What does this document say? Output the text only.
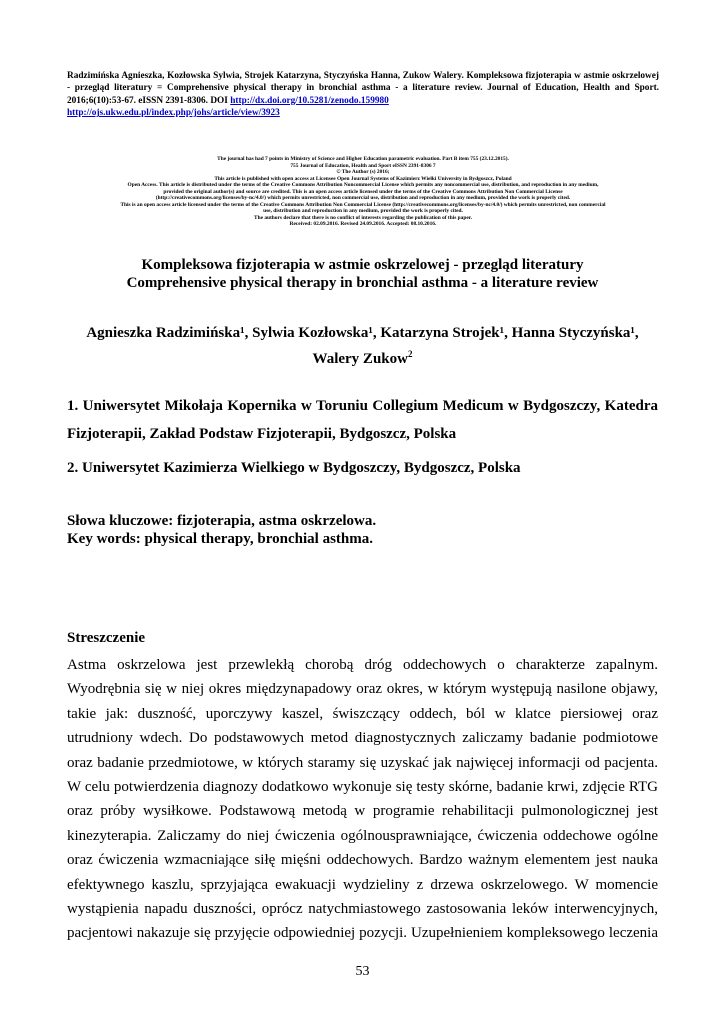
Radzimińska Agnieszka, Kozłowska Sylwia, Strojek Katarzyna, Styczyńska Hanna, Zukow Walery. Kompleksowa fizjoterapia w astmie oskrzelowej - przegląd literatury = Comprehensive physical therapy in bronchial asthma - a literature review. Journal of Education, Health and Sport. 2016;6(10):53-67. eISSN 2391-8306. DOI http://dx.doi.org/10.5281/zenodo.159980
http://ojs.ukw.edu.pl/index.php/johs/article/view/3923
The journal has had 7 points in Ministry of Science and Higher Education parametric evaluation. Part B item 755 (23.12.2015).
755 Journal of Education, Health and Sport eISSN 2391-8306 7
© The Author (s) 2016;
This article is published with open access at Licensee Open Journal Systems of Kazimierz Wielki University in Bydgoszcz, Poland
Open Access. This article is distributed under the terms of the Creative Commons Attribution Noncommercial License which permits any noncommercial use, distribution, and reproduction in any medium,
provided the original author(s) and source are credited. This is an open access article licensed under the terms of the Creative Commons Attribution Non Commercial License
(http://creativecommons.org/licenses/by-nc/4.0/) which permits unrestricted, non commercial use, distribution and reproduction in any medium, provided the work is properly cited.
This is an open access article licensed under the terms of the Creative Commons Attribution Non Commercial License (http://creativecommons.org/licenses/by-nc/4.0/) which permits unrestricted, non commercial
use, distribution and reproduction in any medium, provided the work is properly cited.
The authors declare that there is no conflict of interests regarding the publication of this paper.
Received: 02.09.2016. Revised 24.09.2016. Accepted: 08.10.2016.
Kompleksowa fizjoterapia w astmie oskrzelowej - przegląd literatury
Comprehensive physical therapy in bronchial asthma - a literature review
Agnieszka Radzimińska¹, Sylwia Kozłowska¹, Katarzyna Strojek¹, Hanna Styczyńska¹,
Walery Zukow$^2$
1. Uniwersytet Mikołaja Kopernika w Toruniu Collegium Medicum w Bydgoszczy, Katedra Fizjoterapii, Zakład Podstaw Fizjoterapii, Bydgoszcz, Polska
2. Uniwersytet Kazimierza Wielkiego w Bydgoszczy, Bydgoszcz, Polska
Słowa kluczowe: fizjoterapia, astma oskrzelowa.
Key words: physical therapy, bronchial asthma.
Streszczenie
Astma oskrzelowa jest przewlekłą chorobą dróg oddechowych o charakterze zapalnym. Wyodrębnia się w niej okres międzynapadowy oraz okres, w którym występują nasilone objawy, takie jak: duszność, uporczywy kaszel, świszczący oddech, ból w klatce piersiowej oraz utrudniony wdech. Do podstawowych metod diagnostycznych zaliczamy badanie podmiotowe oraz badanie przedmiotowe, w których staramy się uzyskać jak najwięcej informacji od pacjenta. W celu potwierdzenia diagnozy dodatkowo wykonuje się testy skórne, badanie krwi, zdjęcie RTG oraz próby wysiłkowe. Podstawową metodą w programie rehabilitacji pulmonologicznej jest kinezyterapia. Zaliczamy do niej ćwiczenia ogólnousprawniające, ćwiczenia oddechowe ogólne oraz ćwiczenia wzmacniające siłę mięśni oddechowych. Bardzo ważnym elementem jest nauka efektywnego kaszlu, sprzyjająca ewakuacji wydzieliny z drzewa oskrzelowego. W momencie wystąpienia napadu duszności, oprócz natychmiastowego zastosowania leków interwencyjnych, pacjentowi nakazuje się przyjęcie odpowiedniej pozycji. Uzupełnieniem kompleksowego leczenia
53
